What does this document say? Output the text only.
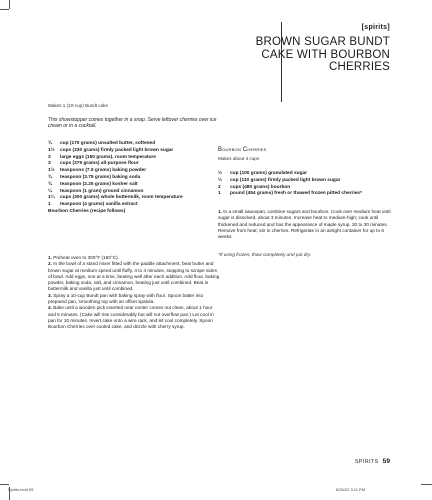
[spirits]
BROWN SUGAR BUNDT CAKE WITH BOURBON CHERRIES
Makes 1 (10-cup) Bundt cake
This showstopper comes together in a snap. Serve leftover cherries over ice cream or in a cocktail.
¾	cup (170 grams) unsalted butter, softened
1½	cups (330 grams) firmly packed light brown sugar
3	large eggs (150 grams), room temperature
3	cups (375 grams) all-purpose flour
1½	teaspoons (7.5 grams) baking powder
¾	teaspoon (3.75 grams) baking soda
¾	teaspoon (2.25 grams) kosher salt
¼	teaspoon (1 gram) ground cinnamon
1¼	cups (300 grams) whole buttermilk, room temperature
1	teaspoon (4 grams) vanilla extract
Bourbon Cherries (recipe follows)

1. Preheat oven to 300°F (150°C).

2. In the bowl of a stand mixer fitted with the paddle attachment, beat butter and brown sugar at medium speed until fluffy, 3 to 4 minutes, stopping to scrape sides of bowl. Add eggs, one at a time, beating well after each addition. Add flour, baking powder, baking soda, salt, and cinnamon, beating just until combined. Beat in buttermilk and vanilla just until combined.

3. Spray a 10-cup Bundt pan with baking spray with flour. Spoon batter into prepared pan, smoothing top with an offset spatula.

4. Bake until a wooden pick inserted near center comes out clean, about 1 hour and 5 minutes. (Cake will rise considerably but will not overflow pan.) Let cool in pan for 10 minutes. Invert cake onto a wire rack, and let cool completely. Spoon Bourbon Cherries over cooled cake, and drizzle with cherry syrup.

Bourbon Cherries
Makes about 4 cups
½	cup (100 grams) granulated sugar
½	cup (110 grams) firmly packed light brown sugar
2	cups (480 grams) bourbon
1	pound (454 grams) fresh or thawed frozen pitted cherries*

1. In a small saucepan, combine sugars and bourbon. Cook over medium heat until sugar is dissolved, about 3 minutes. Increase heat to medium-high; cook until thickened and reduced and has the appearance of maple syrup, 20 to 30 minutes. Remove from heat; stir in cherries. Refrigerate in an airtight container for up to 6 weeks.

*If using frozen, thaw completely and pat dry.
SPIRITS 59
Spirits.indd 59	8/26/22 3:11 PM
